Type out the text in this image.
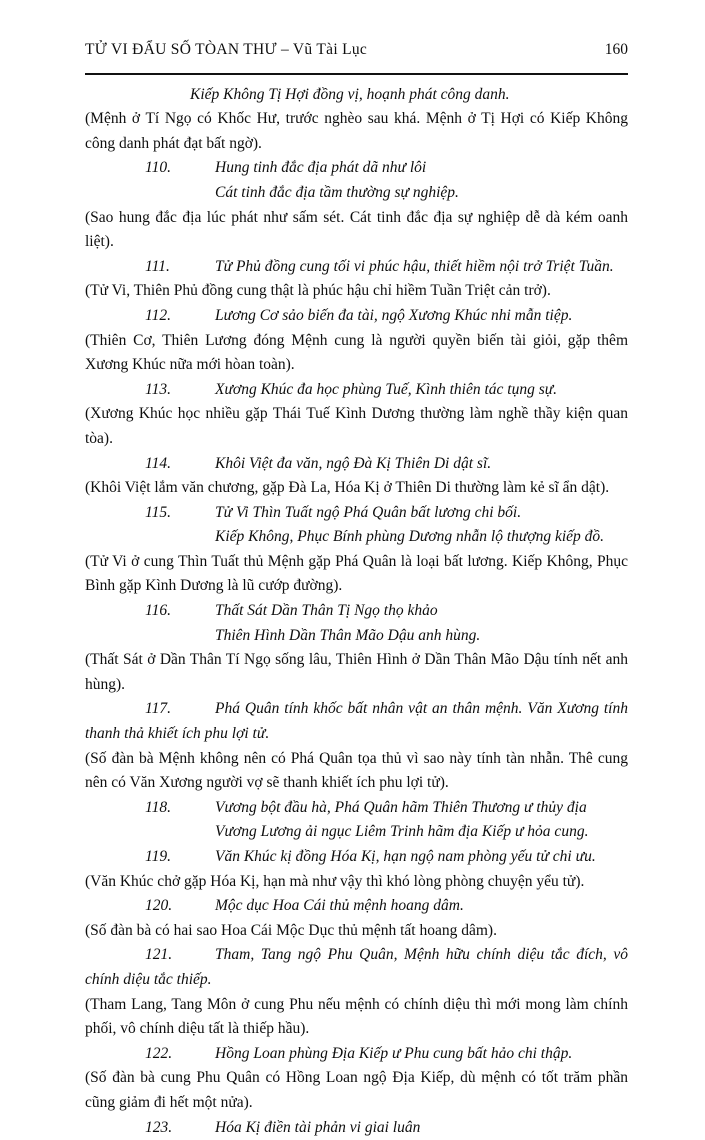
TỬ VI ĐẨU SỐ TÒAN THƯ – Vũ Tài Lục	160
Kiếp Không Tị Hợi đồng vị, hoạnh phát công danh.
(Mệnh ở Tí Ngọ có Khốc Hư, trước nghèo sau khá. Mệnh ở Tị Hợi có Kiếp Không công danh phát đạt bất ngờ).
110.	Hung tinh đắc địa phát dã như lôi
Cát tinh đắc địa tầm thường sự nghiệp.
(Sao hung đắc địa lúc phát như sấm sét. Cát tinh đắc địa sự nghiệp dễ dà kém oanh liệt).
111.	Tử Phủ đồng cung tối vi phúc hậu, thiết hiềm nội trở Triệt Tuần.
(Tử Vi, Thiên Phủ đồng cung thật là phúc hậu chỉ hiềm Tuần Triệt cản trở).
112.	Lương Cơ sảo biến đa tài, ngộ Xương Khúc nhi mẫn tiệp.
(Thiên Cơ, Thiên Lương đóng Mệnh cung là người quyền biến tài giỏi, gặp thêm Xương Khúc nữa mới hòan toàn).
113.	Xương Khúc đa học phùng Tuế, Kình thiên tác tụng sự.
(Xương Khúc học nhiều gặp Thái Tuế Kình Dương thường làm nghề thầy kiện quan tòa).
114.	Khôi Việt đa văn, ngộ Đà Kị Thiên Di dật sĩ.
(Khôi Việt lắm văn chương, gặp Đà La, Hóa Kị ở Thiên Di thường làm kẻ sĩ ẩn dật).
115.	Tử Vi Thìn Tuất ngộ Phá Quân bất lương chi bối.
Kiếp Không, Phục Bính phùng Dương nhẫn lộ thượng kiếp đồ.
(Tử Vi ở cung Thìn Tuất thủ Mệnh gặp Phá Quân là loại bất lương. Kiếp Không, Phục Bình gặp Kình Dương là lũ cướp đường).
116.	Thất Sát Dần Thân Tị Ngọ thọ khảo
Thiên Hình Dần Thân Mão Dậu anh hùng.
(Thất Sát ở Dần Thân Tí Ngọ sống lâu, Thiên Hình ở Dần Thân Mão Dậu tính nết anh hùng).
117.	Phá Quân tính khốc bất nhân vật an thân mệnh. Văn Xương tính thanh thả khiết ích phu lợi tử.
(Số đàn bà Mệnh không nên có Phá Quân tọa thủ vì sao này tính tàn nhẫn. Thê cung nên có Văn Xương người vợ sẽ thanh khiết ích phu lợi tử).
118.	Vương bột đầu hà, Phá Quân hãm Thiên Thương ư thủy địa
Vương Lương ải ngục Liêm Trinh hãm địa Kiếp ư hỏa cung.
119.	Văn Khúc kị đồng Hóa Kị, hạn ngộ nam phòng yếu tử chi ưu.
(Văn Khúc chở gặp Hóa Kị, hạn mà như vậy thì khó lòng phòng chuyện yểu tử).
120.	Mộc dục Hoa Cái thủ mệnh hoang dâm.
(Số đàn bà có hai sao Hoa Cái Mộc Dục thủ mệnh tất hoang dâm).
121.	Tham, Tang ngộ Phu Quân, Mệnh hữu chính diệu tắc đích, vô chính diệu tắc thiếp.
(Tham Lang, Tang Môn ở cung Phu nếu mệnh có chính diệu thì mới mong làm chính phối, vô chính diệu tất là thiếp hầu).
122.	Hồng Loan phùng Địa Kiếp ư Phu cung bất hảo chi thập.
(Số đàn bà cung Phu Quân có Hồng Loan ngộ Địa Kiếp, dù mệnh có tốt trăm phần cũng giảm đi hết một nửa).
123.	Hóa Kị điền tài phản vi giai luân
